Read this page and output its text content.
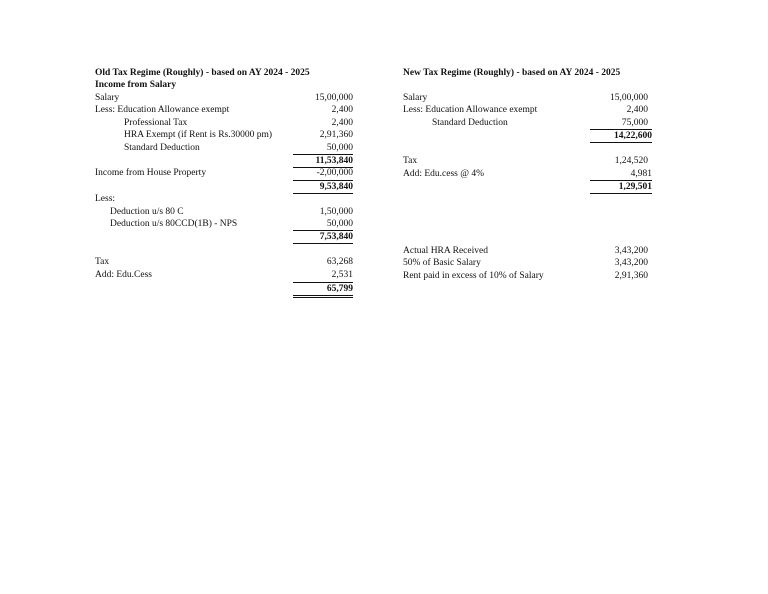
Old Tax Regime (Roughly) - based on AY 2024 - 2025
Income from Salary
Salary	15,00,000
Less: Education Allowance exempt	2,400
Professional Tax	2,400
HRA Exempt (if Rent is Rs.30000 pm)	2,91,360
Standard Deduction	50,000
11,53,840
Income from House Property	-2,00,000
9,53,840
Less:
Deduction u/s 80 C	1,50,000
Deduction u/s 80CCD(1B) - NPS	50,000
7,53,840
Tax	63,268
Add: Edu.Cess	2,531
65,799
New Tax Regime (Roughly) - based on AY 2024 - 2025
Salary	15,00,000
Less: Education Allowance exempt	2,400
Standard Deduction	75,000
14,22,600
Tax	1,24,520
Add: Edu.cess @ 4%	4,981
1,29,501
Actual HRA Received	3,43,200
50% of Basic Salary	3,43,200
Rent paid in excess of 10% of Salary	2,91,360
